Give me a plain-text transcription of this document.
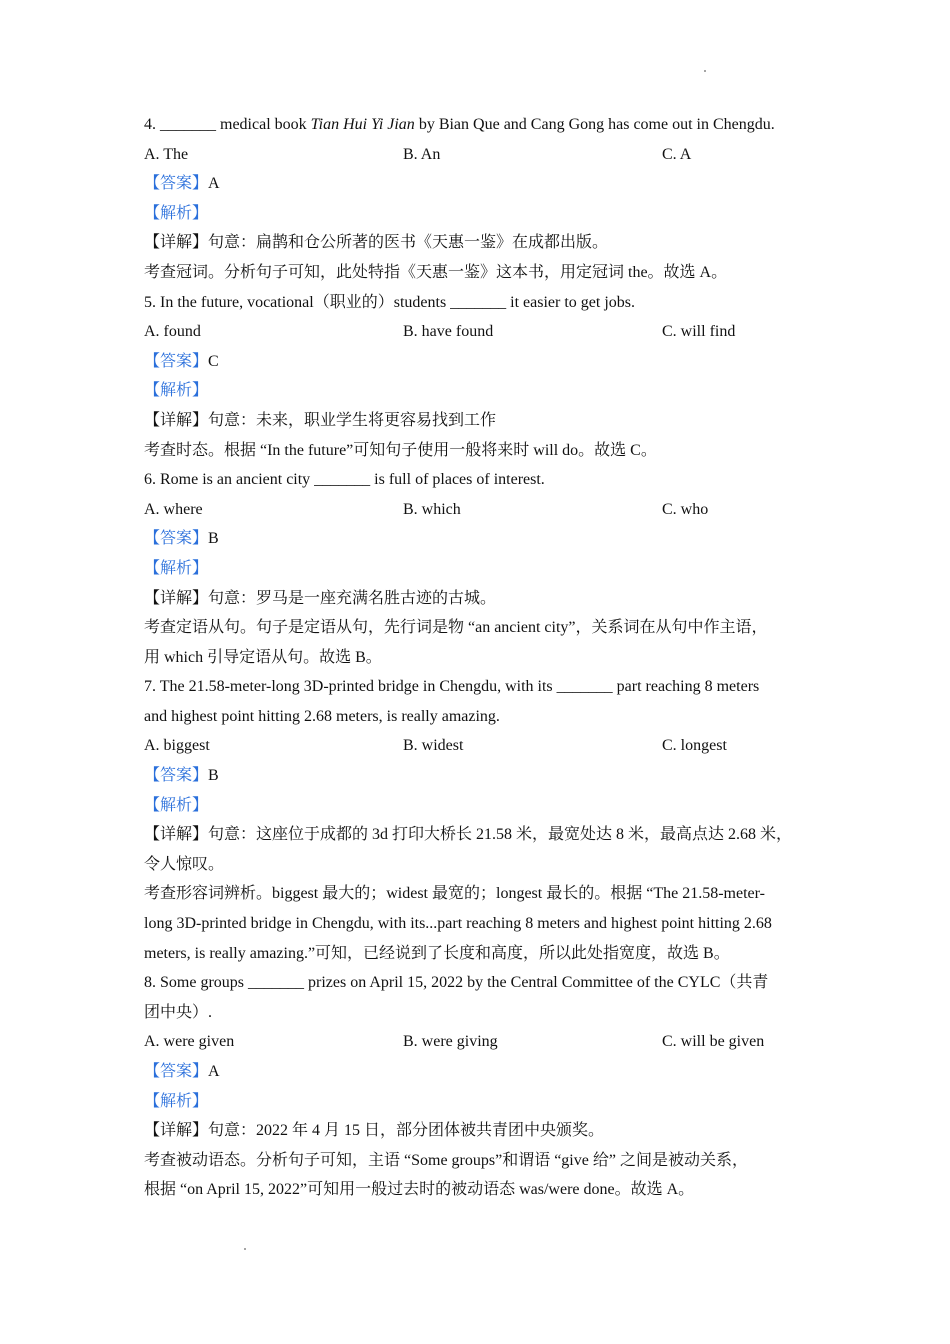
4. _______ medical book Tian Hui Yi Jian by Bian Que and Cang Gong has come out in Chengdu.
A. The	B. An	C. A
【答案】A
【解析】
【详解】句意：扁鹊和仓公所著的医书《天惠一鉴》在成都出版。
考查冠词。分析句子可知，此处特指《天惠一鉴》这本书，用定冠词 the。故选 A。
5. In the future, vocational（职业的）students _______ it easier to get jobs.
A. found	B. have found	C. will find
【答案】C
【解析】
【详解】句意：未来，职业学生将更容易找到工作
考查时态。根据 “In the future”可知句子使用一般将来时 will do。故选 C。
6. Rome is an ancient city _______ is full of places of interest.
A. where	B. which	C. who
【答案】B
【解析】
【详解】句意：罗马是一座充满名胜古迹的古城。
考查定语从句。句子是定语从句，先行词是物 “an ancient city”，关系词在从句中作主语，
用 which 引导定语从句。故选 B。
7. The 21.58-meter-long 3D-printed bridge in Chengdu, with its _______ part reaching 8 meters
and highest point hitting 2.68 meters, is really amazing.
A. biggest	B. widest	C. longest
【答案】B
【解析】
【详解】句意：这座位于成都的 3d 打印大桥长 21.58 米，最宽处达 8 米，最高点达 2.68 米，
令人惊叹。
考查形容词辨析。biggest 最大的；widest 最宽的；longest 最长的。根据 “The 21.58-meter-
long 3D-printed bridge in Chengdu, with its...part reaching 8 meters and highest point hitting 2.68
meters, is really amazing.”可知，已经说到了长度和高度，所以此处指宽度，故选 B。
8. Some groups _______ prizes on April 15, 2022 by the Central Committee of the CYLC（共青
团中央）.
A. were given	B. were giving	C. will be given
【答案】A
【解析】
【详解】句意：2022 年 4 月 15 日，部分团体被共青团中央颁奖。
考查被动语态。分析句子可知，主语 “Some groups”和谓语 “give 给” 之间是被动关系，
根据 “on April 15, 2022”可知用一般过去时的被动语态 was/were done。故选 A。
